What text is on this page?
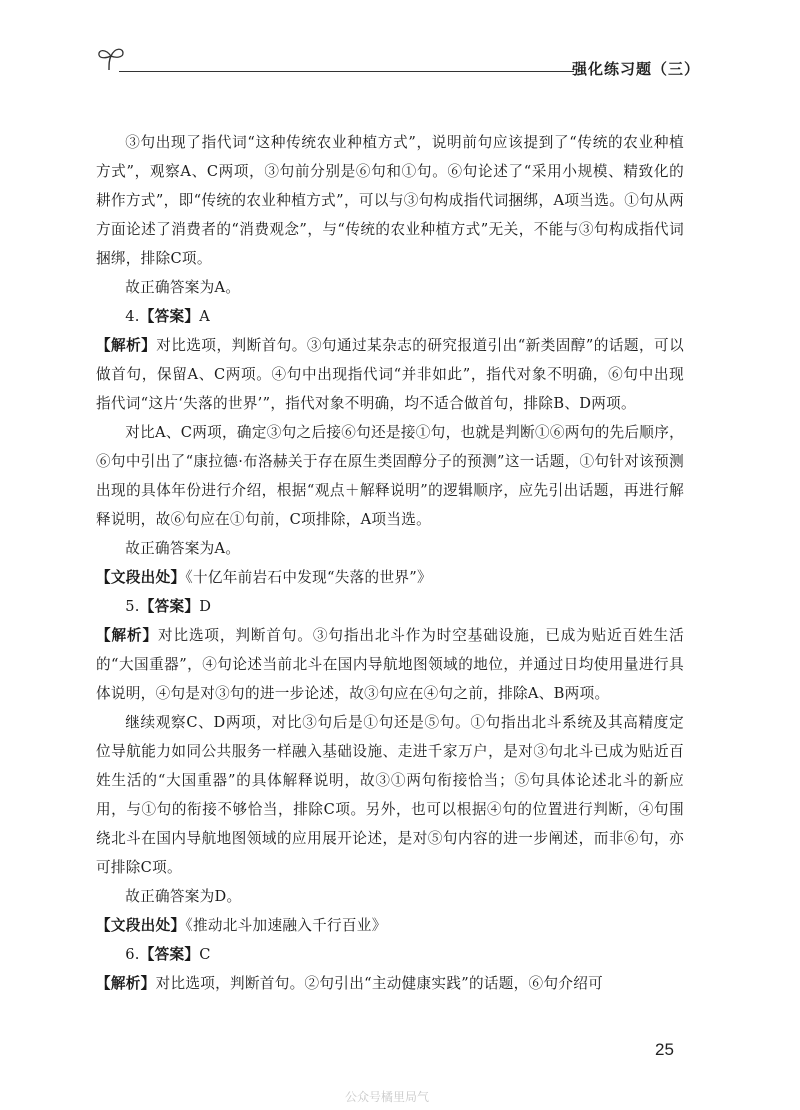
强化练习题（三）

③句出现了指代词“这种传统农业种植方式”，说明前句应该提到了“传统的农业种植方式”，观察A、C两项，③句前分别是⑥句和①句。⑥句论述了“采用小规模、精致化的耕作方式”，即“传统的农业种植方式”，可以与③句构成指代词捆绑，A项当选。①句从两方面论述了消费者的“消费观念”，与“传统的农业种植方式”无关，不能与③句构成指代词捆绑，排除C项。

故正确答案为A。

4.【答案】A

【解析】对比选项，判断首句。③句通过某杂志的研究报道引出“新类固醇”的话题，可以做首句，保留A、C两项。④句中出现指代词“并非如此”，指代对象不明确，⑥句中出现指代词“这片‘失落的世界’”，指代对象不明确，均不适合做首句，排除B、D两项。

对比A、C两项，确定③句之后接⑥句还是接①句，也就是判断①⑥两句的先后顺序，⑥句中引出了“康拉德·布洛赫关于存在原生类固醇分子的预测”这一话题，①句针对该预测出现的具体年份进行介绍，根据“观点＋解释说明”的逻辑顺序，应先引出话题，再进行解释说明，故⑥句应在①句前，C项排除，A项当选。

故正确答案为A。

【文段出处】《十亿年前岩石中发现“失落的世界”》

5.【答案】D

【解析】对比选项，判断首句。③句指出北斗作为时空基础设施，已成为贴近百姓生活的“大国重器”，④句论述当前北斗在国内导航地图领域的地位，并通过日均使用量进行具体说明，④句是对③句的进一步论述，故③句应在④句之前，排除A、B两项。

继续观察C、D两项，对比③句后是①句还是⑤句。①句指出北斗系统及其高精度定位导航能力如同公共服务一样融入基础设施、走进千家万户，是对③句北斗已成为贴近百姓生活的“大国重器”的具体解释说明，故③①两句衔接恰当；⑤句具体论述北斗的新应用，与①句的衔接不够恰当，排除C项。另外，也可以根据④句的位置进行判断，④句围绕北斗在国内导航地图领域的应用展开论述，是对⑤句内容的进一步阐述，而非⑥句，亦可排除C项。

故正确答案为D。

【文段出处】《推动北斗加速融入千行百业》

6.【答案】C

【解析】对比选项，判断首句。②句引出“主动健康实践”的话题，⑥句介绍可

25
公众号橘里局气
